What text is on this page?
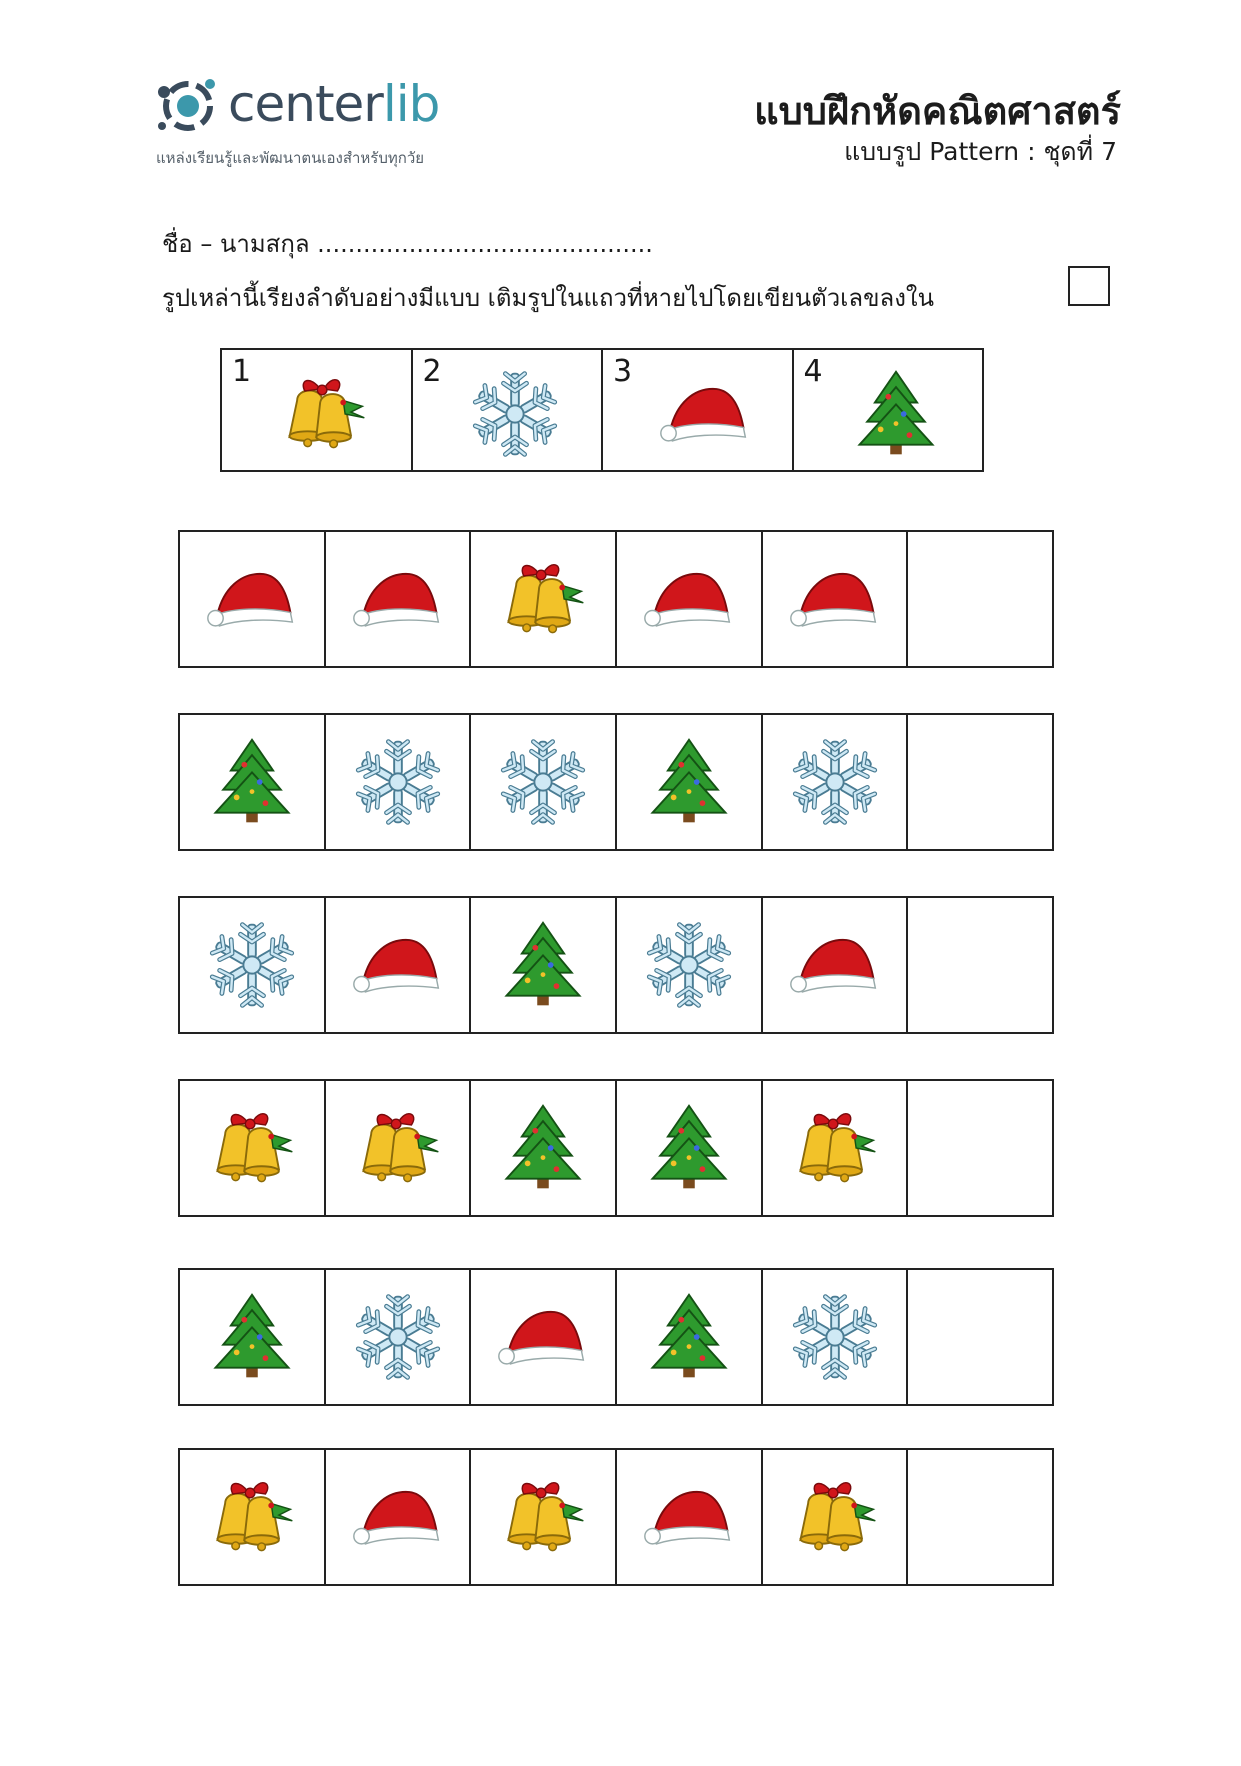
centerlib
แหล่งเรียนรู้และพัฒนาตนเองสำหรับทุกวัย
แบบฝึกหัดคณิตศาสตร์
แบบรูป Pattern : ชุดที่ 7
ชื่อ – นามสกุล ............................................
รูปเหล่านี้เรียงลำดับอย่างมีแบบ เติมรูปในแถวที่หายไปโดยเขียนตัวเลขลงใน
1	2	3	4
